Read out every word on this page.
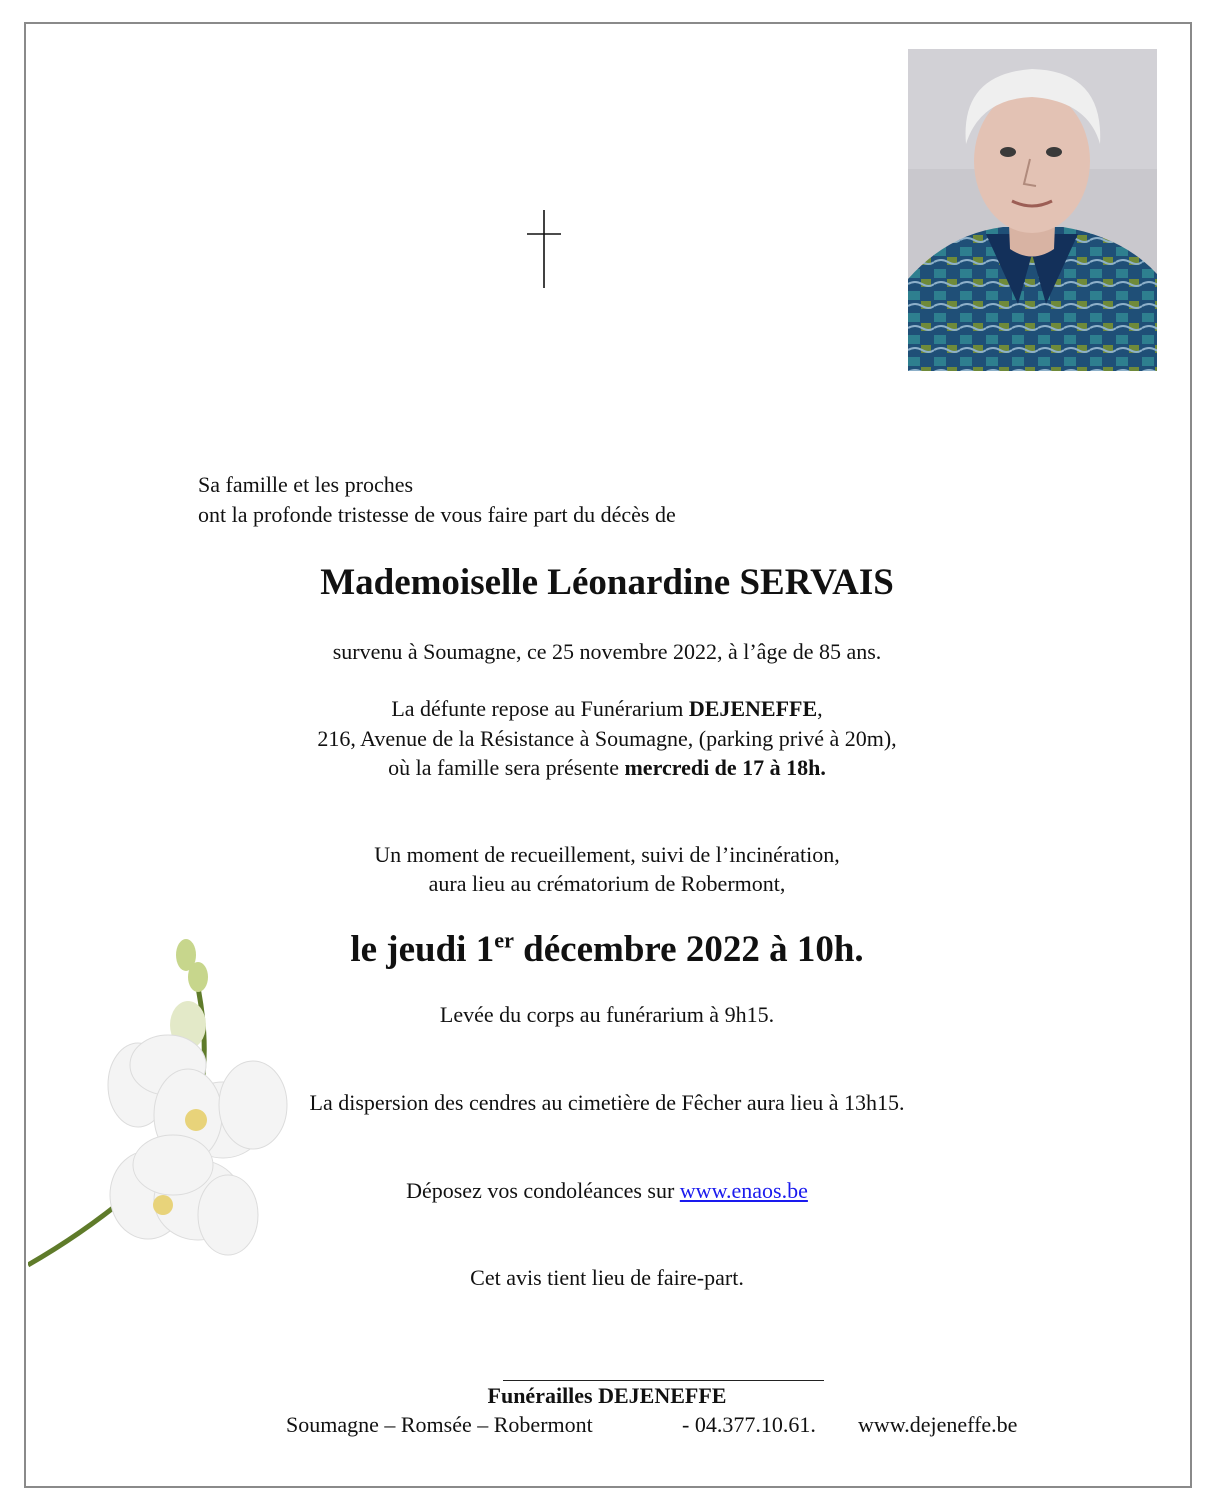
Sa famille et les proches
ont la profonde tristesse de vous faire part du décès de
Mademoiselle Léonardine SERVAIS
survenu à Soumagne, ce 25 novembre 2022, à l’âge de 85 ans.
La défunte repose au Funérarium DEJENEFFE,
216, Avenue de la Résistance à Soumagne, (parking privé à 20m),
où la famille sera présente mercredi de 17 à 18h.
Un moment de recueillement, suivi de l’incinération,
aura lieu au crématorium de Robermont,
le jeudi 1er décembre 2022 à 10h.
Levée du corps au funérarium à 9h15.
La dispersion des cendres au cimetière de Fêcher aura lieu à 13h15.
Déposez vos condoléances sur www.enaos.be
Cet avis tient lieu de faire-part.
Funérailles DEJENEFFE
Soumagne – Romsée – Robermont	- 04.377.10.61. www.dejeneffe.be
